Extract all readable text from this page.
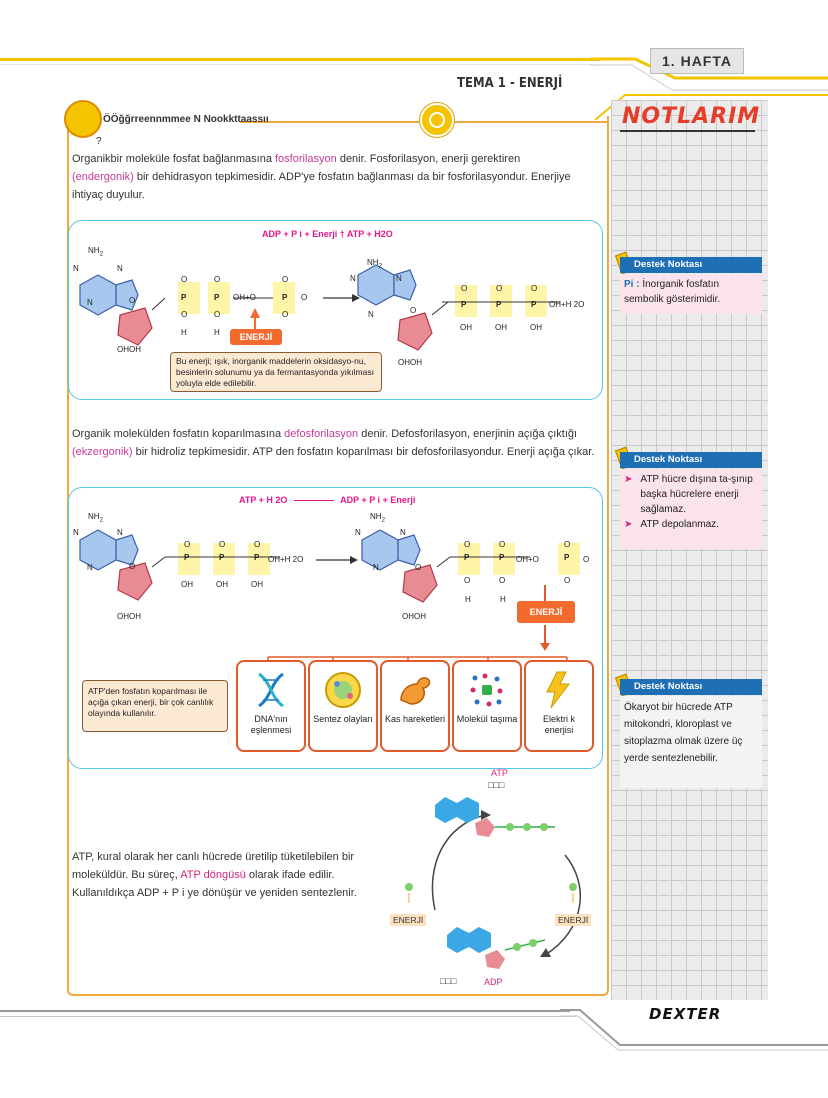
1. HAFTA
TEMA 1 - ENERJİ
ÖÖğğrreennmmee N Nookkttaassıı
?
Organikbir moleküle fosfat bağlanmasına fosforilasyon denir. Fosforilasyon, enerji gerektiren
(endergonik) bir dehidrasyon tepkimesidir. ADP'ye fosfatın bağlanması da bir fosforilasyondur. Enerjiye ihtiyaç duyulur.
ADP + P i + Enerji † ATP + H2O
$NH_2$
N	N
N	O
OHOH
O
P
O
H
O
P
O
H
OH+O
O
P
O
O
$NH_2$
N	N
N	O
OHOH
O
P
OH
O
P
OH
O
P
OH
OH+H 2O
ENERJİ
Bu enerji; ışık, inorganik maddelerin oksidasyo-nu, besinlerin solunumu ya da fermantasyonda yıkılması yoluyla elde edilebilir.
Organik molekülden fosfatın koparılmasına defosforilasyon denir. Defosforilasyon, enerjinin açığa çıktığı
(ekzergonik) bir hidroliz tepkimesidir. ATP den fosfatın koparılması bir defosforilasyondur. Enerji açığa çıkar.
ATP + H 2O	ADP + P i + Enerji
$NH_2$
N	N
N	O
OHOH
O
P
OH
O
P
OH
O
P
OH
OH+H 2O
$NH_2$
N	N
N	O
OHOH
O
P
O
H
O
P
O
H
OH+O
O
P
O
O
ENERJİ
ATP'den fosfatın koparılması ile açığa çıkan enerji, bir çok canlılık olayında kullanılır.
DNA'nın eşlenmesi
Sentez olayları	Kas hareketleri	Molekül taşıma	Elektri k enerjisi
ATP, kural olarak her canlı hücrede üretilip tüketilebilen bir moleküldür. Bu süreç, ATP döngüsü olarak ifade edilir. Kullanıldıkça ADP + P i ye dönüşür ve yeniden sentezlenir.
ATP
□□□
ADP
□□□
ENERJİ	ENERJİ
NOTLARIM
Destek Noktası
Pi : İnorganik fosfatın sembolik gösterimidir.
Destek Noktası
➤ ATP hücre dışına ta-şınıp başka hücrelere enerji sağlamaz.
➤ ATP depolanmaz.
Destek Noktası
Ökaryot bir hücrede ATP mitokondri, kloroplast ve sitoplazma olmak üzere üç yerde sentezlenebilir.
DEXTER
